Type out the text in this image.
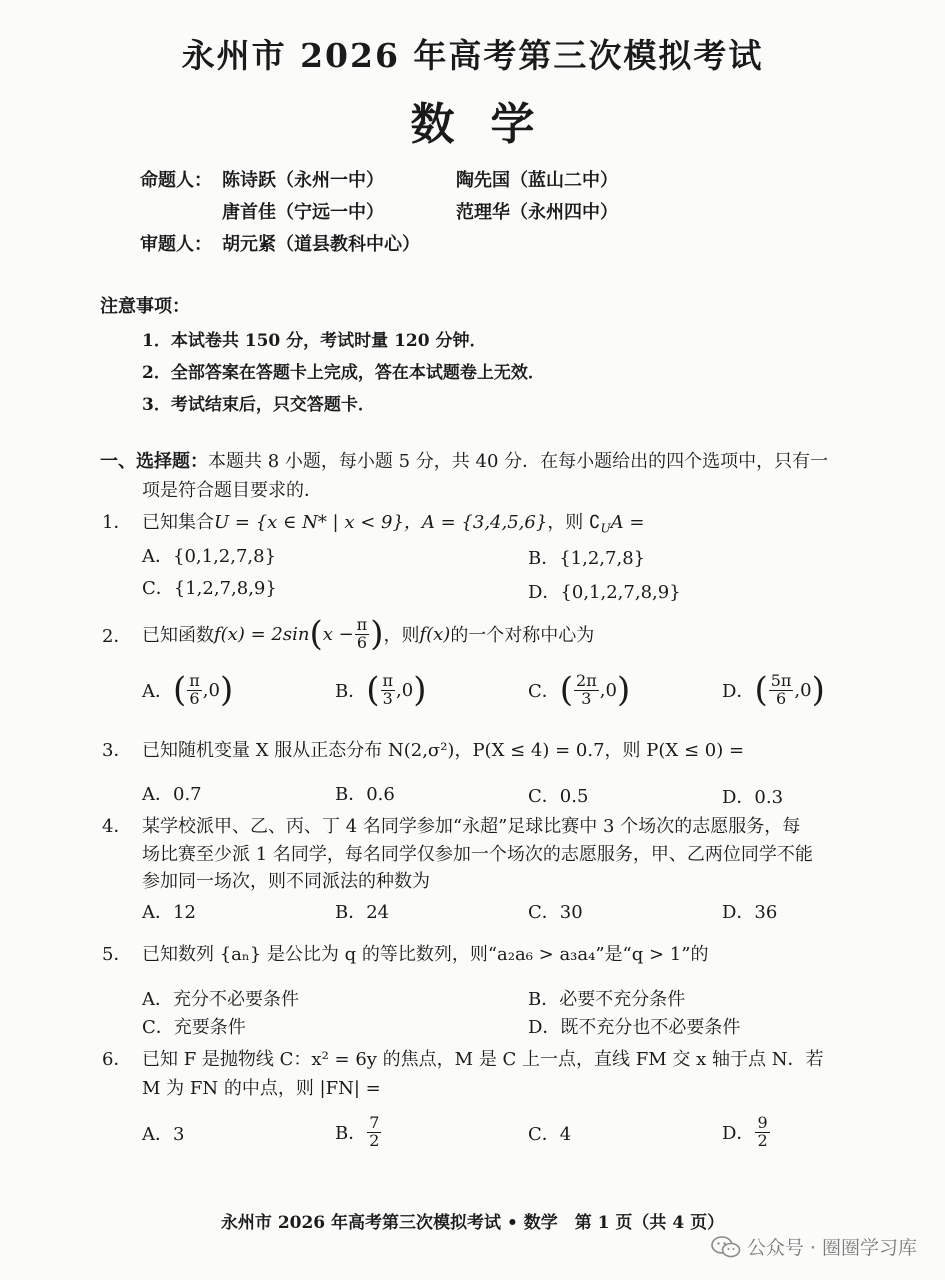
永州市 2026 年高考第三次模拟考试
数学
命题人： 陈诗跃（永州一中）	陶先国（蓝山二中）
唐首佳（宁远一中）	范理华（永州四中）
审题人： 胡元紧（道县教科中心）
注意事项：
1．本试卷共 150 分，考试时量 120 分钟．
2．全部答案在答题卡上完成，答在本试题卷上无效．
3．考试结束后，只交答题卡．
一、选择题：本题共 8 小题，每小题 5 分，共 40 分．在每小题给出的四个选项中，只有一
项是符合题目要求的．
1． 已知集合U = {x ∈ N* | x < 9}，A = {3,4,5,6}，则 $∁_UA$ =
A．{0,1,2,7,8}	B．{1,2,7,8}
C．{1,2,7,8,9}	D．{0,1,2,7,8,9}
2． 已知函数 f(x) = 2sin ( $x - \frac{\pi}{6}$ ) ，则 f(x) 的一个对称中心为
A． ( $\frac{\pi}{6} ,0$ )	B． ( $\frac{\pi}{3} ,0$ )	C． ( $\frac{2\pi}{3} ,0$ )	D． ( $\frac{5\pi}{6} ,0$ )
3． 已知随机变量 X 服从正态分布 N(2,σ²)，P(X ≤ 4) = 0.7，则 P(X ≤ 0) =
A．0.7	B．0.6	C．0.5	D．0.3
4． 某学校派甲、乙、丙、丁 4 名同学参加“永超”足球比赛中 3 个场次的志愿服务，每
场比赛至少派 1 名同学，每名同学仅参加一个场次的志愿服务，甲、乙两位同学不能
参加同一场次，则不同派法的种数为
A．12	B．24	C．30	D．36
5． 已知数列 {aₙ} 是公比为 q 的等比数列，则“a₂a₆ > a₃a₄”是“q > 1”的
A．充分不必要条件	B．必要不充分条件
C．充要条件	D．既不充分也不必要条件
6． 已知 F 是抛物线 C：x² = 6y 的焦点，M 是 C 上一点，直线 FM 交 x 轴于点 N．若
M 为 FN 的中点，则 |FN| =
A．3	B． $\frac{7}{2}$	C．4	D． $\frac{9}{2}$
永州市 2026 年高考第三次模拟考试 • 数学　第 1 页（共 4 页）
公众号 · 圈圈学习库
